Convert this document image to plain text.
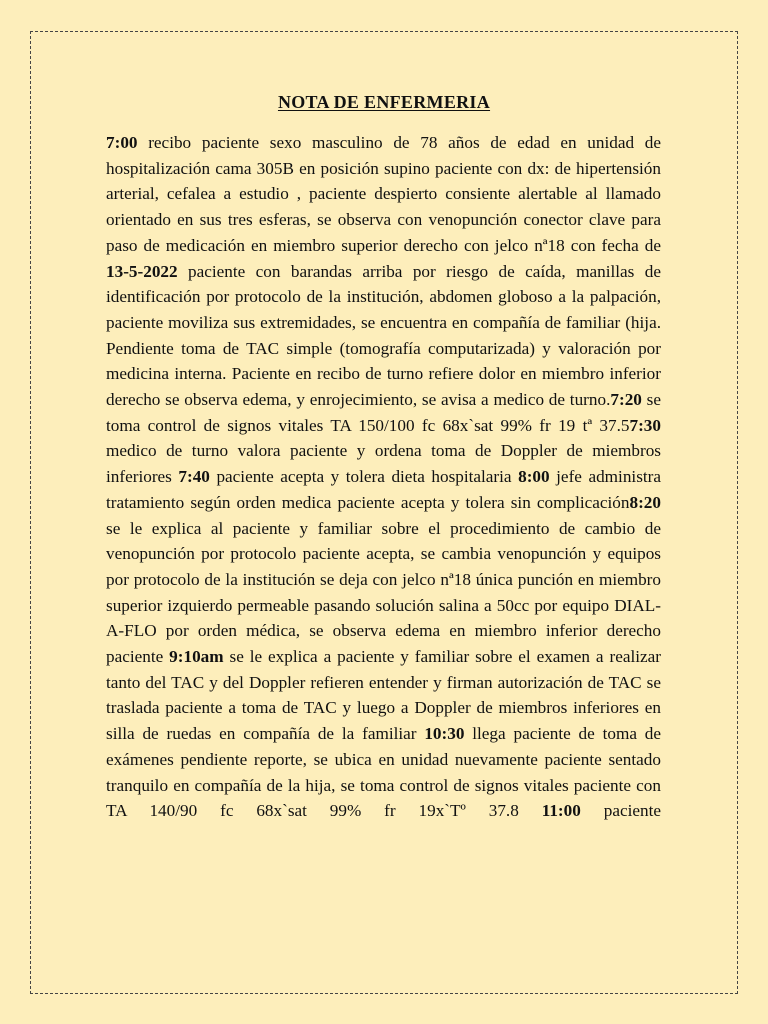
NOTA DE ENFERMERIA

7:00 recibo paciente sexo masculino de 78 años de edad en unidad de hospitalización cama 305B en posición supino paciente con dx: de hipertensión arterial, cefalea a estudio , paciente despierto consiente alertable al llamado orientado en sus tres esferas, se observa con venopunción conector clave para paso de medicación en miembro superior derecho con jelco nª18 con fecha de 13-5-2022 paciente con barandas arriba por riesgo de caída, manillas de identificación por protocolo de la institución, abdomen globoso a la palpación, paciente moviliza sus extremidades, se encuentra en compañía de familiar (hija. Pendiente toma de TAC simple (tomografía computarizada) y valoración por medicina interna. Paciente en recibo de turno refiere dolor en miembro inferior derecho se observa edema, y enrojecimiento, se avisa a medico de turno.7:20 se toma control de signos vitales TA 150/100 fc 68x`sat 99% fr 19 tª 37.57:30 medico de turno valora paciente y ordena toma de Doppler de miembros inferiores 7:40 paciente acepta y tolera dieta hospitalaria 8:00 jefe administra tratamiento según orden medica paciente acepta y tolera sin complicación8:20 se le explica al paciente y familiar sobre el procedimiento de cambio de venopunción por protocolo paciente acepta, se cambia venopunción y equipos por protocolo de la institución se deja con jelco nª18 única punción en miembro superior izquierdo permeable pasando solución salina a 50cc por equipo DIAL-A-FLO por orden médica, se observa edema en miembro inferior derecho paciente 9:10am se le explica a paciente y familiar sobre el examen a realizar tanto del TAC y del Doppler refieren entender y firman autorización de TAC se traslada paciente a toma de TAC y luego a Doppler de miembros inferiores en silla de ruedas en compañía de la familiar 10:30 llega paciente de toma de exámenes pendiente reporte, se ubica en unidad nuevamente paciente sentado tranquilo en compañía de la hija, se toma control de signos vitales paciente con TA 140/90 fc 68x`sat 99% fr 19x`Tº 37.8 11:00 paciente
